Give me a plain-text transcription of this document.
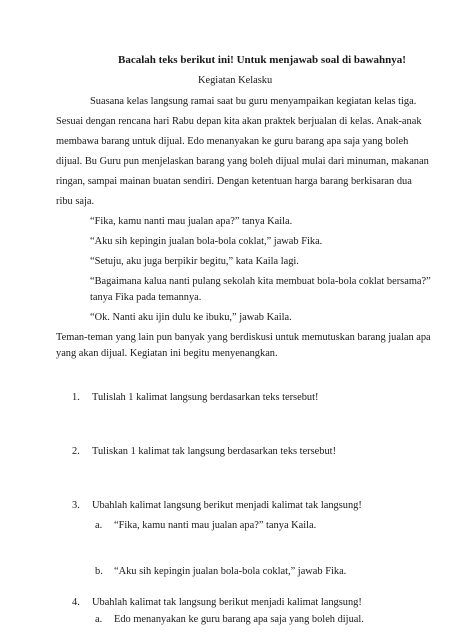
Bacalah teks berikut ini! Untuk menjawab soal di bawahnya!
Kegiatan Kelasku
Suasana kelas langsung ramai saat bu guru menyampaikan kegiatan kelas tiga.
Sesuai dengan rencana hari Rabu depan kita akan praktek berjualan di kelas. Anak-anak
membawa barang untuk dijual. Edo menanyakan ke guru barang apa saja yang boleh
dijual. Bu Guru pun menjelaskan barang yang boleh dijual mulai dari minuman, makanan
ringan, sampai mainan buatan sendiri. Dengan ketentuan harga barang berkisaran dua
ribu saja.
“Fika, kamu nanti mau jualan apa?” tanya Kaila.
“Aku sih kepingin jualan bola-bola coklat,” jawab Fika.
“Setuju, aku juga berpikir begitu,” kata Kaila lagi.
“Bagaimana kalua nanti pulang sekolah kita membuat bola-bola coklat bersama?”
tanya Fika pada temannya.
“Ok. Nanti aku ijin dulu ke ibuku,” jawab Kaila.
Teman-teman yang lain pun banyak yang berdiskusi untuk memutuskan barang jualan apa
yang akan dijual. Kegiatan ini begitu menyenangkan.
1. Tulislah 1 kalimat langsung berdasarkan teks tersebut!
2. Tuliskan 1 kalimat tak langsung berdasarkan teks tersebut!
3. Ubahlah kalimat langsung berikut menjadi kalimat tak langsung!
a. “Fika, kamu nanti mau jualan apa?” tanya Kaila.
b. “Aku sih kepingin jualan bola-bola coklat,” jawab Fika.
4. Ubahlah kalimat tak langsung berikut menjadi kalimat langsung!
a. Edo menanyakan ke guru barang apa saja yang boleh dijual.
